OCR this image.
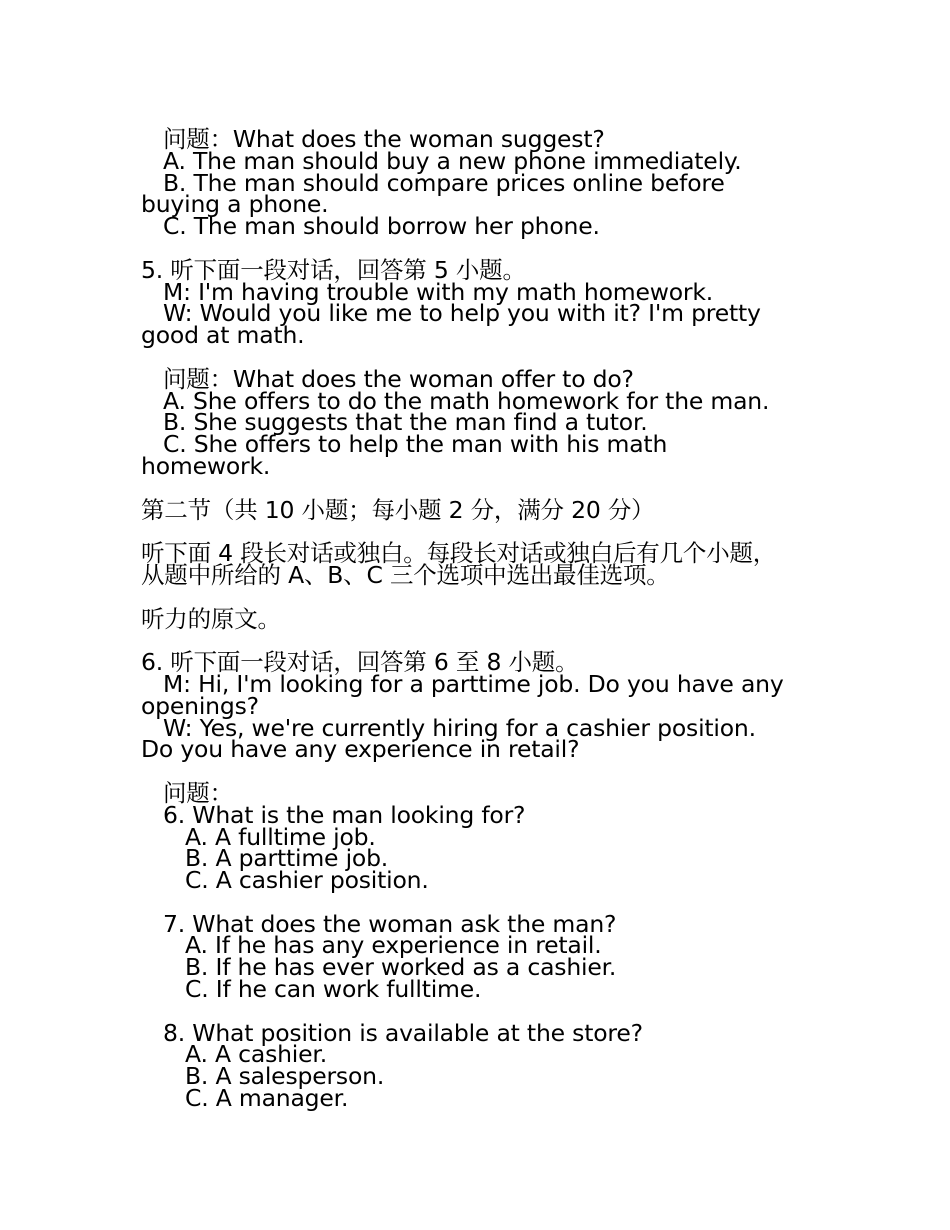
问题：What does the woman suggest?
A. The man should buy a new phone immediately.
B. The man should compare prices online before
buying a phone.
C. The man should borrow her phone.
5. 听下面一段对话，回答第 5 小题。
M: I'm having trouble with my math homework.
W: Would you like me to help you with it? I'm pretty
good at math.
问题：What does the woman offer to do?
A. She offers to do the math homework for the man.
B. She suggests that the man find a tutor.
C. She offers to help the man with his math
homework.
第二节（共 10 小题；每小题 2 分，满分 20 分）
听下面 4 段长对话或独白。每段长对话或独白后有几个小题，
从题中所给的 A、B、C 三个选项中选出最佳选项。
听力的原文。
6. 听下面一段对话，回答第 6 至 8 小题。
M: Hi, I'm looking for a parttime job. Do you have any
openings?
W: Yes, we're currently hiring for a cashier position.
Do you have any experience in retail?
问题：
6. What is the man looking for?
A. A fulltime job.
B. A parttime job.
C. A cashier position.
7. What does the woman ask the man?
A. If he has any experience in retail.
B. If he has ever worked as a cashier.
C. If he can work fulltime.
8. What position is available at the store?
A. A cashier.
B. A salesperson.
C. A manager.
